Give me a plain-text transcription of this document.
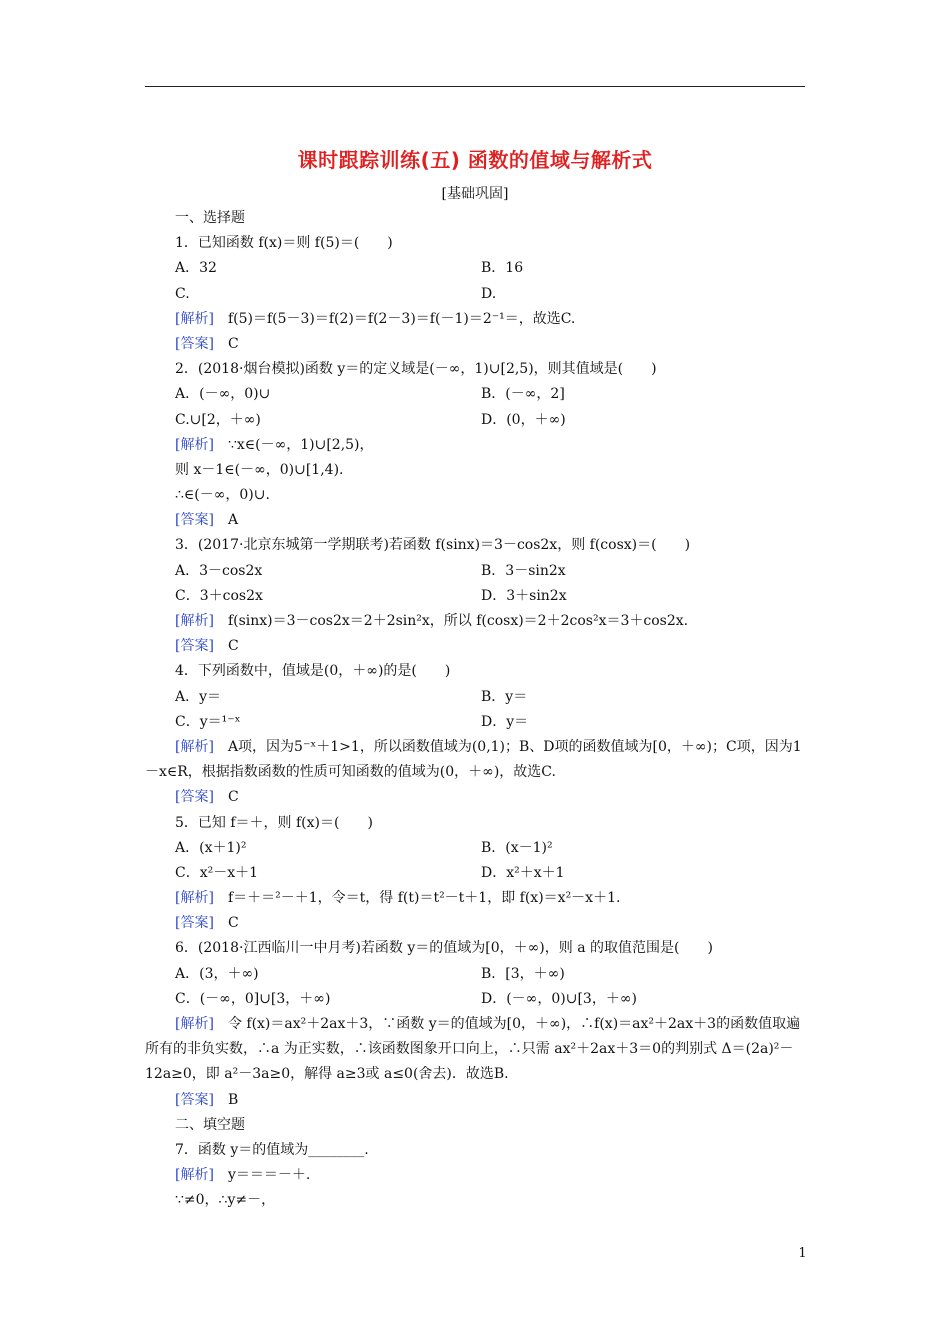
课时跟踪训练(五) 函数的值域与解析式
[基础巩固]
一、选择题
1．已知函数 f(x)＝则 f(5)＝(　　)
A．32	B．16
C.	D.
[解析] f(5)＝f(5－3)＝f(2)＝f(2－3)＝f(－1)＝2⁻¹＝，故选C.
[答案] C
2．(2018·烟台模拟)函数 y＝的定义域是(－∞，1)∪[2,5)，则其值域是(　　)
A．(－∞，0)∪	B．(－∞，2]
C.∪[2，＋∞)	D．(0，＋∞)
[解析] ∵x∈(－∞，1)∪[2,5)，
则 x－1∈(－∞，0)∪[1,4).
∴∈(－∞，0)∪.
[答案] A
3．(2017·北京东城第一学期联考)若函数 f(sinx)＝3－cos2x，则 f(cosx)＝(　　)
A．3－cos2x	B．3－sin2x
C．3＋cos2x	D．3＋sin2x
[解析] f(sinx)＝3－cos2x＝2＋2sin²x，所以 f(cosx)＝2＋2cos²x＝3＋cos2x.
[答案] C
4．下列函数中，值域是(0，＋∞)的是(　　)
A．y＝	B．y＝
C．y＝¹⁻ˣ	D．y＝
[解析] A项，因为5⁻ˣ＋1>1，所以函数值域为(0,1)；B、D项的函数值域为[0，＋∞)；C项，因为1－x∈R，根据指数函数的性质可知函数的值域为(0，＋∞)，故选C.
[答案] C
5．已知 f＝＋，则 f(x)＝(　　)
A．(x＋1)²	B．(x－1)²
C．x²－x＋1	D．x²＋x＋1
[解析] f＝＋＝²－＋1，令＝t，得 f(t)＝t²－t＋1，即 f(x)＝x²－x＋1.
[答案] C
6．(2018·江西临川一中月考)若函数 y＝的值域为[0，＋∞)，则 a 的取值范围是(　　)
A．(3，＋∞)	B．[3，＋∞)
C．(－∞，0]∪[3，＋∞)	D．(－∞，0)∪[3，＋∞)
[解析] 令 f(x)＝ax²＋2ax＋3，∵函数 y＝的值域为[0，＋∞)，∴f(x)＝ax²＋2ax＋3的函数值取遍所有的非负实数，∴a 为正实数，∴该函数图象开口向上，∴只需 ax²＋2ax＋3＝0的判别式 Δ＝(2a)²－12a≥0，即 a²－3a≥0，解得 a≥3或 a≤0(舍去)．故选B.
[答案] B
二、填空题
7．函数 y＝的值域为________.
[解析] y＝＝＝－＋.
∵≠0，∴y≠－，
1
